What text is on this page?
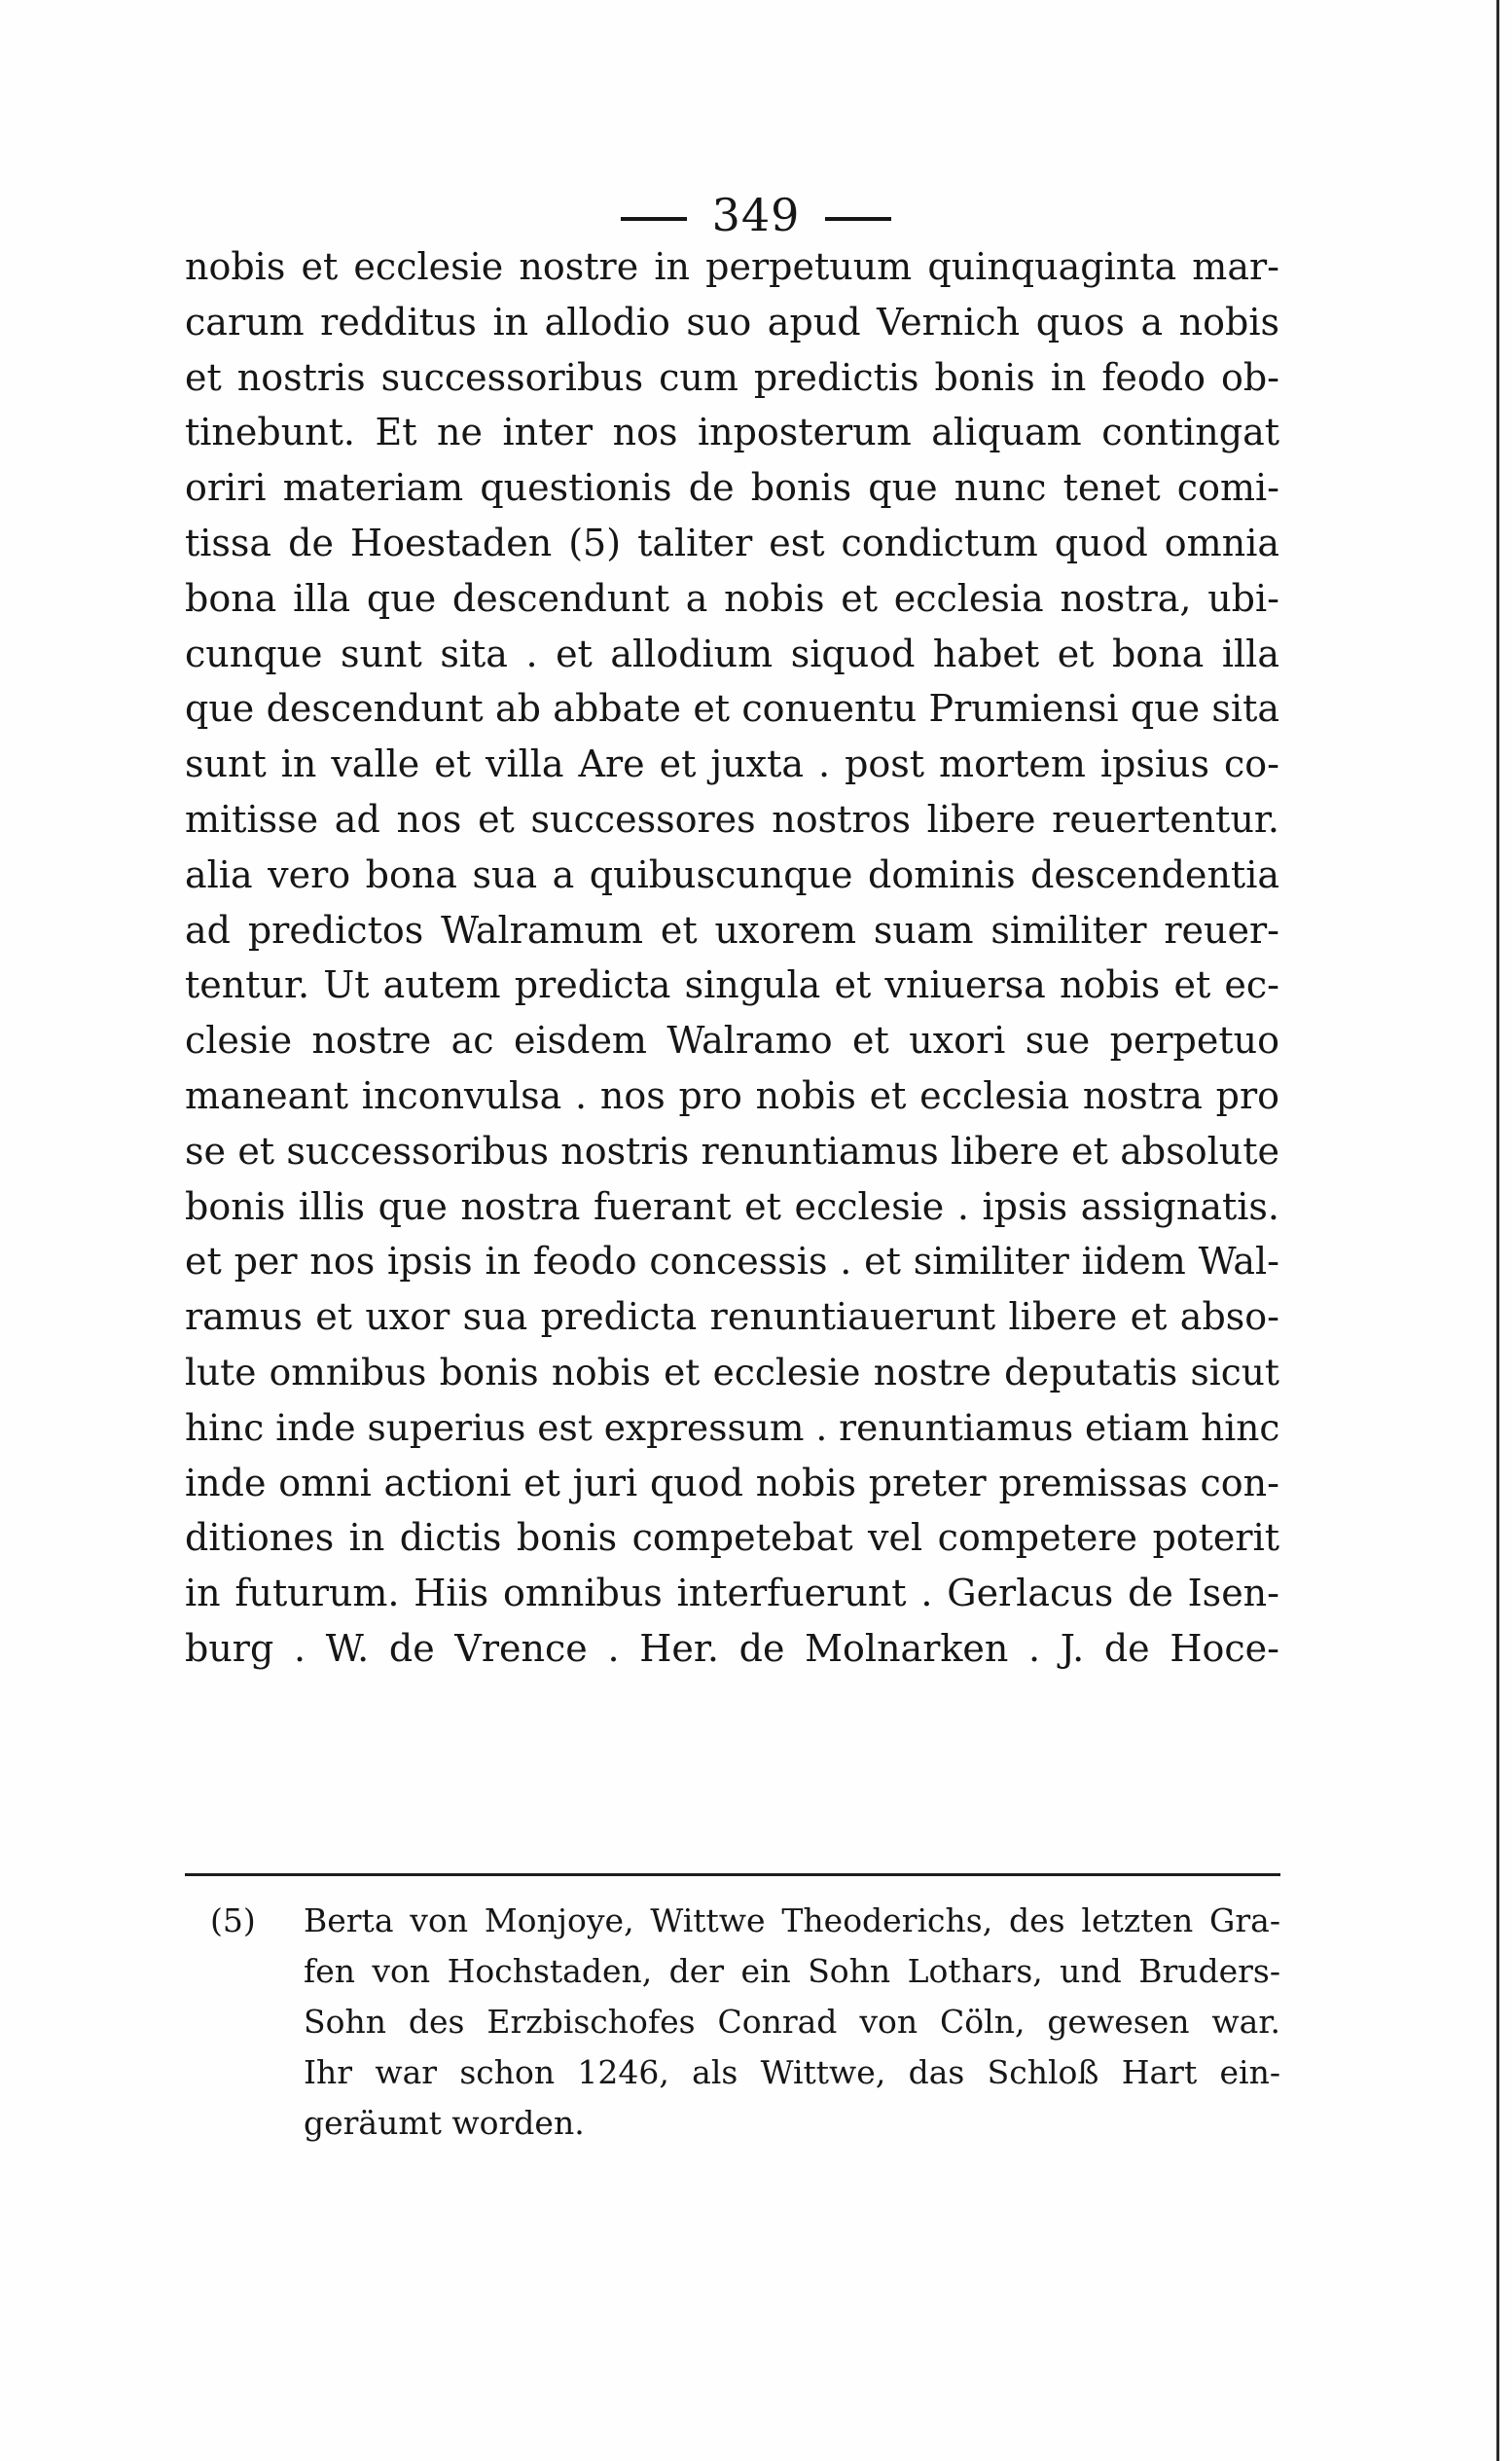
349
nobis et ecclesie nostre in perpetuum quinquaginta mar-
carum redditus in allodio suo apud Vernich quos a nobis
et nostris successoribus cum predictis bonis in feodo ob-
tinebunt. Et ne inter nos inposterum aliquam contingat
oriri materiam questionis de bonis que nunc tenet comi-
tissa de Hoestaden (5) taliter est condictum quod omnia
bona illa que descendunt a nobis et ecclesia nostra, ubi-
cunque sunt sita . et allodium siquod habet et bona illa
que descendunt ab abbate et conuentu Prumiensi que sita
sunt in valle et villa Are et juxta . post mortem ipsius co-
mitisse ad nos et successores nostros libere reuertentur.
alia vero bona sua a quibuscunque dominis descendentia
ad predictos Walramum et uxorem suam similiter reuer-
tentur. Ut autem predicta singula et vniuersa nobis et ec-
clesie nostre ac eisdem Walramo et uxori sue perpetuo
maneant inconvulsa . nos pro nobis et ecclesia nostra pro
se et successoribus nostris renuntiamus libere et absolute
bonis illis que nostra fuerant et ecclesie . ipsis assignatis.
et per nos ipsis in feodo concessis . et similiter iidem Wal-
ramus et uxor sua predicta renuntiauerunt libere et abso-
lute omnibus bonis nobis et ecclesie nostre deputatis sicut
hinc inde superius est expressum . renuntiamus etiam hinc
inde omni actioni et juri quod nobis preter premissas con-
ditiones in dictis bonis competebat vel competere poterit
in futurum. Hiis omnibus interfuerunt . Gerlacus de Isen-
burg . W. de Vrence . Her. de Molnarken . J. de Hoce-
(5) Berta von Monjoye, Wittwe Theoderichs, des letzten Gra-
fen von Hochstaden, der ein Sohn Lothars, und Bruders-
Sohn des Erzbischofes Conrad von Cöln, gewesen war.
Ihr war schon 1246, als Wittwe, das Schloß Hart ein-
geräumt worden.
